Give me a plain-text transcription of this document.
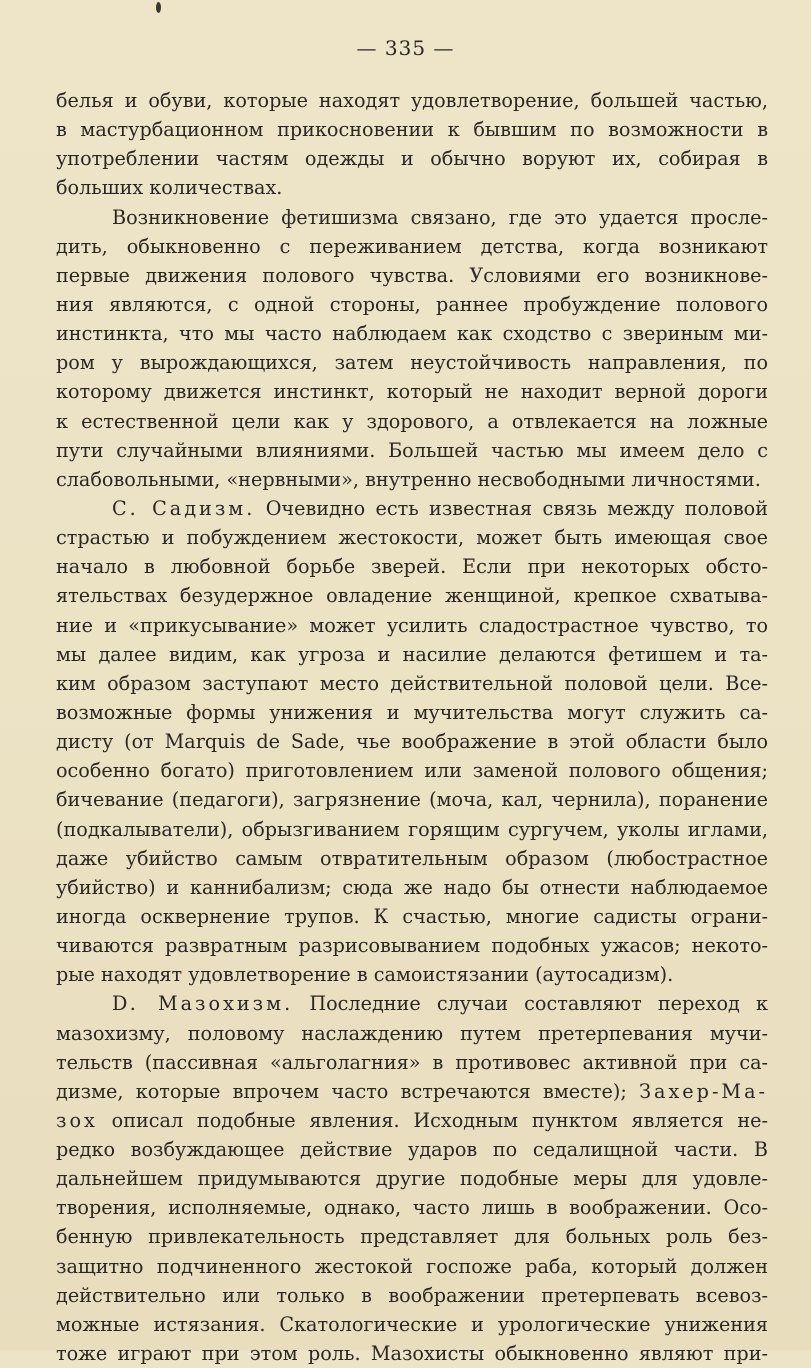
— 335 —
белья и обуви, которые находят удовлетворение, большей частью,
в мастурбационном прикосновении к бывшим по возможности в
употреблении частям одежды и обычно воруют их, собирая в
больших количествах.
Возникновение фетишизма связано, где это удается просле-
дить, обыкновенно с переживанием детства, когда возникают
первые движения полового чувства. Условиями его возникнове-
ния являются, с одной стороны, раннее пробуждение полового
инстинкта, что мы часто наблюдаем как сходство с звериным ми-
ром у вырождающихся, затем неустойчивость направления, по
которому движется инстинкт, который не находит верной дороги
к естественной цели как у здорового, а отвлекается на ложные
пути случайными влияниями. Большей частью мы имеем дело с
слабовольными, «нервными», внутренно несвободными личностями.
С. Садизм. Очевидно есть известная связь между половой
страстью и побуждением жестокости, может быть имеющая свое
начало в любовной борьбе зверей. Если при некоторых обсто-
ятельствах безудержное овладение женщиной, крепкое схватыва-
ние и «прикусывание» может усилить сладострастное чувство, то
мы далее видим, как угроза и насилие делаются фетишем и та-
ким образом заступают место действительной половой цели. Все-
возможные формы унижения и мучительства могут служить са-
дисту (от Marquis de Sade, чье воображение в этой области было
особенно богато) приготовлением или заменой полового общения;
бичевание (педагоги), загрязнение (моча, кал, чернила), поранение
(подкалыватели), обрызгиванием горящим сургучем, уколы иглами,
даже убийство самым отвратительным образом (любострастное
убийство) и каннибализм; сюда же надо бы отнести наблюдаемое
иногда осквернение трупов. К счастью, многие садисты ограни-
чиваются развратным разрисовыванием подобных ужасов; некото-
рые находят удовлетворение в самоистязании (аутосадизм).
D. Мазохизм. Последние случаи составляют переход к
мазохизму, половому наслаждению путем претерпевания мучи-
тельств (пассивная «альголагния» в противовес активной при са-
дизме, которые впрочем часто встречаются вместе); Захер-Ма-
зох описал подобные явления. Исходным пунктом является не-
редко возбуждающее действие ударов по седалищной части. В
дальнейшем придумываются другие подобные меры для удовле-
творения, исполняемые, однако, часто лишь в воображении. Осо-
бенную привлекательность представляет для больных роль без-
защитно подчиненного жестокой госпоже раба, который должен
действительно или только в воображении претерпевать всевоз-
можные истязания. Скатологические и урологические унижения
тоже играют при этом роль. Мазохисты обыкновенно являют при-
